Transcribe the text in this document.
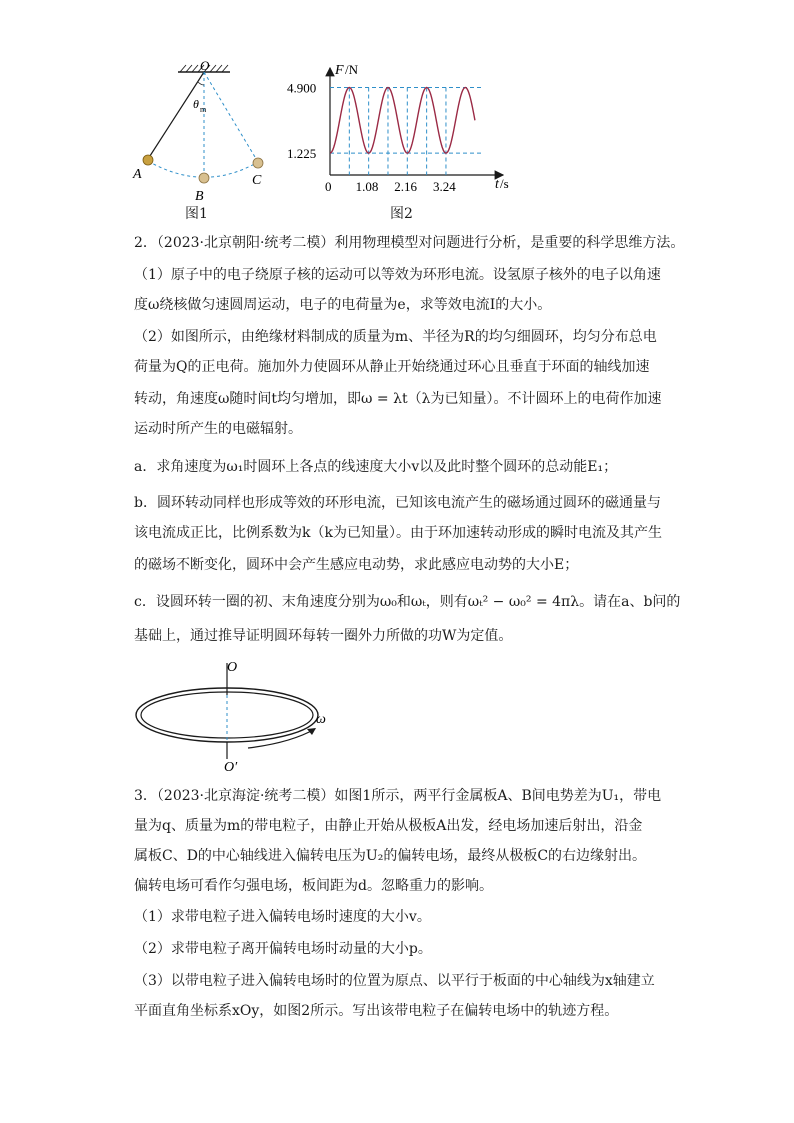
O
θ m
A
B
C
图1
4.900
1.225
1.08 2.16 3.24
F /N
t /s
0
图2
2．（2023·北京朝阳·统考二模）利用物理模型对问题进行分析，是重要的科学思维方法。
（1）原子中的电子绕原子核的运动可以等效为环形电流。设氢原子核外的电子以角速
度ω绕核做匀速圆周运动，电子的电荷量为e，求等效电流I的大小。
（2）如图所示，由绝缘材料制成的质量为m、半径为R的均匀细圆环，均匀分布总电
荷量为Q的正电荷。施加外力使圆环从静止开始绕通过环心且垂直于环面的轴线加速
转动，角速度ω随时间t均匀增加，即ω = λt（λ为已知量）。不计圆环上的电荷作加速
运动时所产生的电磁辐射。
a．求角速度为ω₁时圆环上各点的线速度大小v以及此时整个圆环的总动能E₁；
b．圆环转动同样也形成等效的环形电流，已知该电流产生的磁场通过圆环的磁通量与
该电流成正比，比例系数为k（k为已知量）。由于环加速转动形成的瞬时电流及其产生
的磁场不断变化，圆环中会产生感应电动势，求此感应电动势的大小E；
c．设圆环转一圈的初、末角速度分别为ω₀和ωₜ，则有ωₜ² − ω₀² = 4πλ。请在a、b问的
基础上，通过推导证明圆环每转一圈外力所做的功W为定值。
O
O′
ω
3．（2023·北京海淀·统考二模）如图1所示，两平行金属板A、B间电势差为U₁，带电
量为q、质量为m的带电粒子，由静止开始从极板A出发，经电场加速后射出，沿金
属板C、D的中心轴线进入偏转电压为U₂的偏转电场，最终从极板C的右边缘射出。
偏转电场可看作匀强电场，板间距为d。忽略重力的影响。
（1）求带电粒子进入偏转电场时速度的大小v。
（2）求带电粒子离开偏转电场时动量的大小p。
（3）以带电粒子进入偏转电场时的位置为原点、以平行于板面的中心轴线为x轴建立
平面直角坐标系xOy，如图2所示。写出该带电粒子在偏转电场中的轨迹方程。
